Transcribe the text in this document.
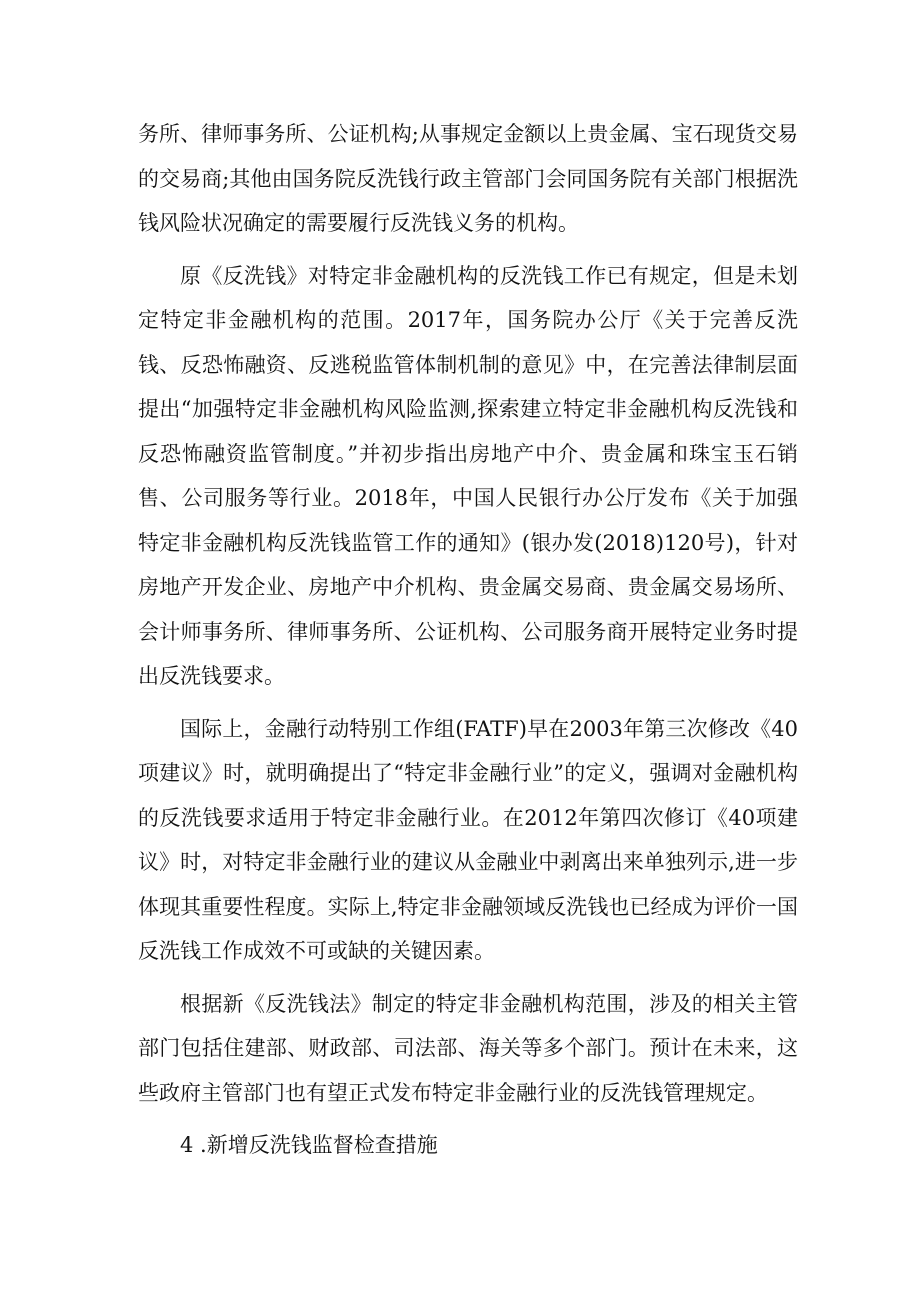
务所、律师事务所、公证机构;从事规定金额以上贵金属、宝石现货交易的交易商;其他由国务院反洗钱行政主管部门会同国务院有关部门根据洗钱风险状况确定的需要履行反洗钱义务的机构。

原《反洗钱》对特定非金融机构的反洗钱工作已有规定，但是未划定特定非金融机构的范围。2017年，国务院办公厅《关于完善反洗钱、反恐怖融资、反逃税监管体制机制的意见》中，在完善法律制层面提出“加强特定非金融机构风险监测,探索建立特定非金融机构反洗钱和反恐怖融资监管制度。”并初步指出房地产中介、贵金属和珠宝玉石销售、公司服务等行业。2018年，中国人民银行办公厅发布《关于加强特定非金融机构反洗钱监管工作的通知》(银办发(2018)120号)，针对房地产开发企业、房地产中介机构、贵金属交易商、贵金属交易场所、会计师事务所、律师事务所、公证机构、公司服务商开展特定业务时提出反洗钱要求。

国际上，金融行动特别工作组(FATF)早在2003年第三次修改《40项建议》时，就明确提出了“特定非金融行业”的定义，强调对金融机构的反洗钱要求适用于特定非金融行业。在2012年第四次修订《40项建议》时，对特定非金融行业的建议从金融业中剥离出来单独列示,进一步体现其重要性程度。实际上,特定非金融领域反洗钱也已经成为评价一国反洗钱工作成效不可或缺的关键因素。

根据新《反洗钱法》制定的特定非金融机构范围，涉及的相关主管部门包括住建部、财政部、司法部、海关等多个部门。预计在未来，这些政府主管部门也有望正式发布特定非金融行业的反洗钱管理规定。

4 .新增反洗钱监督检查措施
